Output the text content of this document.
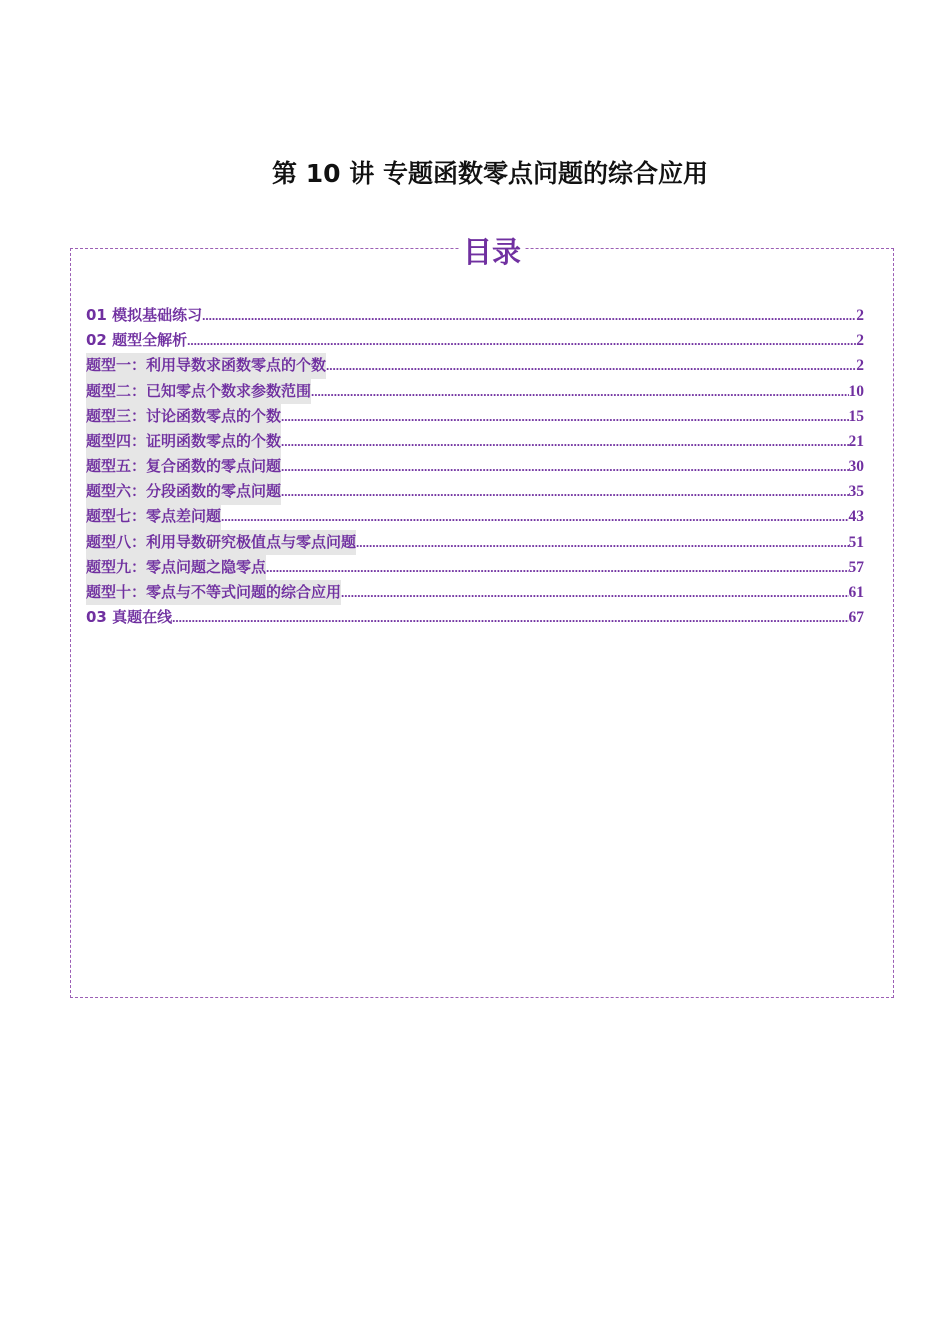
第 10 讲 专题函数零点问题的综合应用
目录
01 模拟基础练习 .....	2
02 题型全解析 .....	2
题型一：利用导数求函数零点的个数 .....	2
题型二：已知零点个数求参数范围 .....	10
题型三：讨论函数零点的个数 .....	15
题型四：证明函数零点的个数 .....	21
题型五：复合函数的零点问题 .....	30
题型六：分段函数的零点问题 .....	35
题型七：零点差问题 .....	43
题型八：利用导数研究极值点与零点问题 .....	51
题型九：零点问题之隐零点 .....	57
题型十：零点与不等式问题的综合应用 .....	61
03 真题在线 .....	67
